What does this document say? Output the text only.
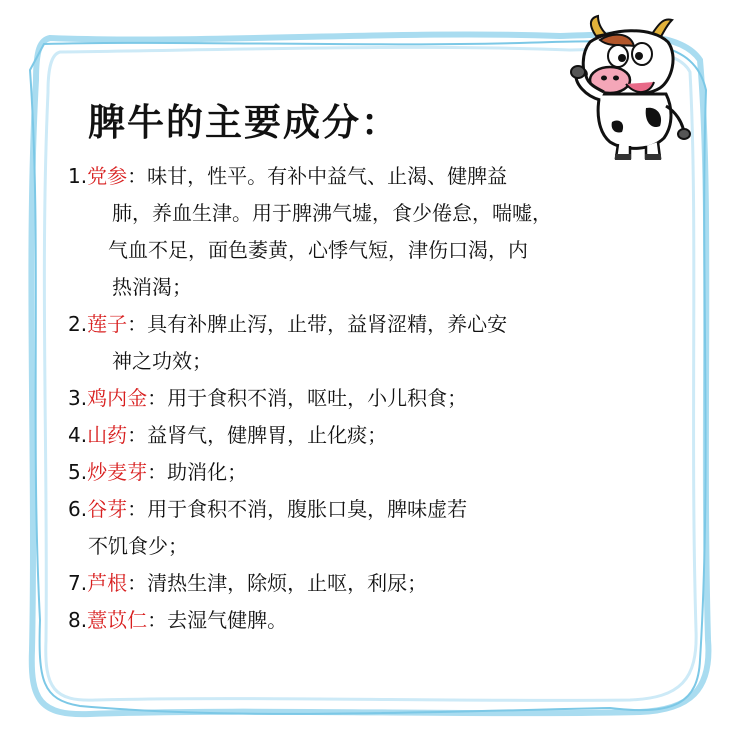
脾牛的主要成分：
1.党参：味甘，性平。有补中益气、止渴、健脾益
肺，养血生津。用于脾沸气墟，食少倦怠，喘嘘，
气血不足，面色萎黄，心悸气短，津伤口渴，内
热消渴；
2.莲子：具有补脾止泻，止带，益肾涩精，养心安
神之功效；
3.鸡内金：用于食积不消，呕吐，小儿积食；
4.山药：益肾气，健脾胃，止化痰；
5.炒麦芽：助消化；
6.谷芽：用于食积不消，腹胀口臭，脾味虚若
不饥食少；
7.芦根：清热生津，除烦，止呕，利尿；
8.薏苡仁：去湿气健脾。
